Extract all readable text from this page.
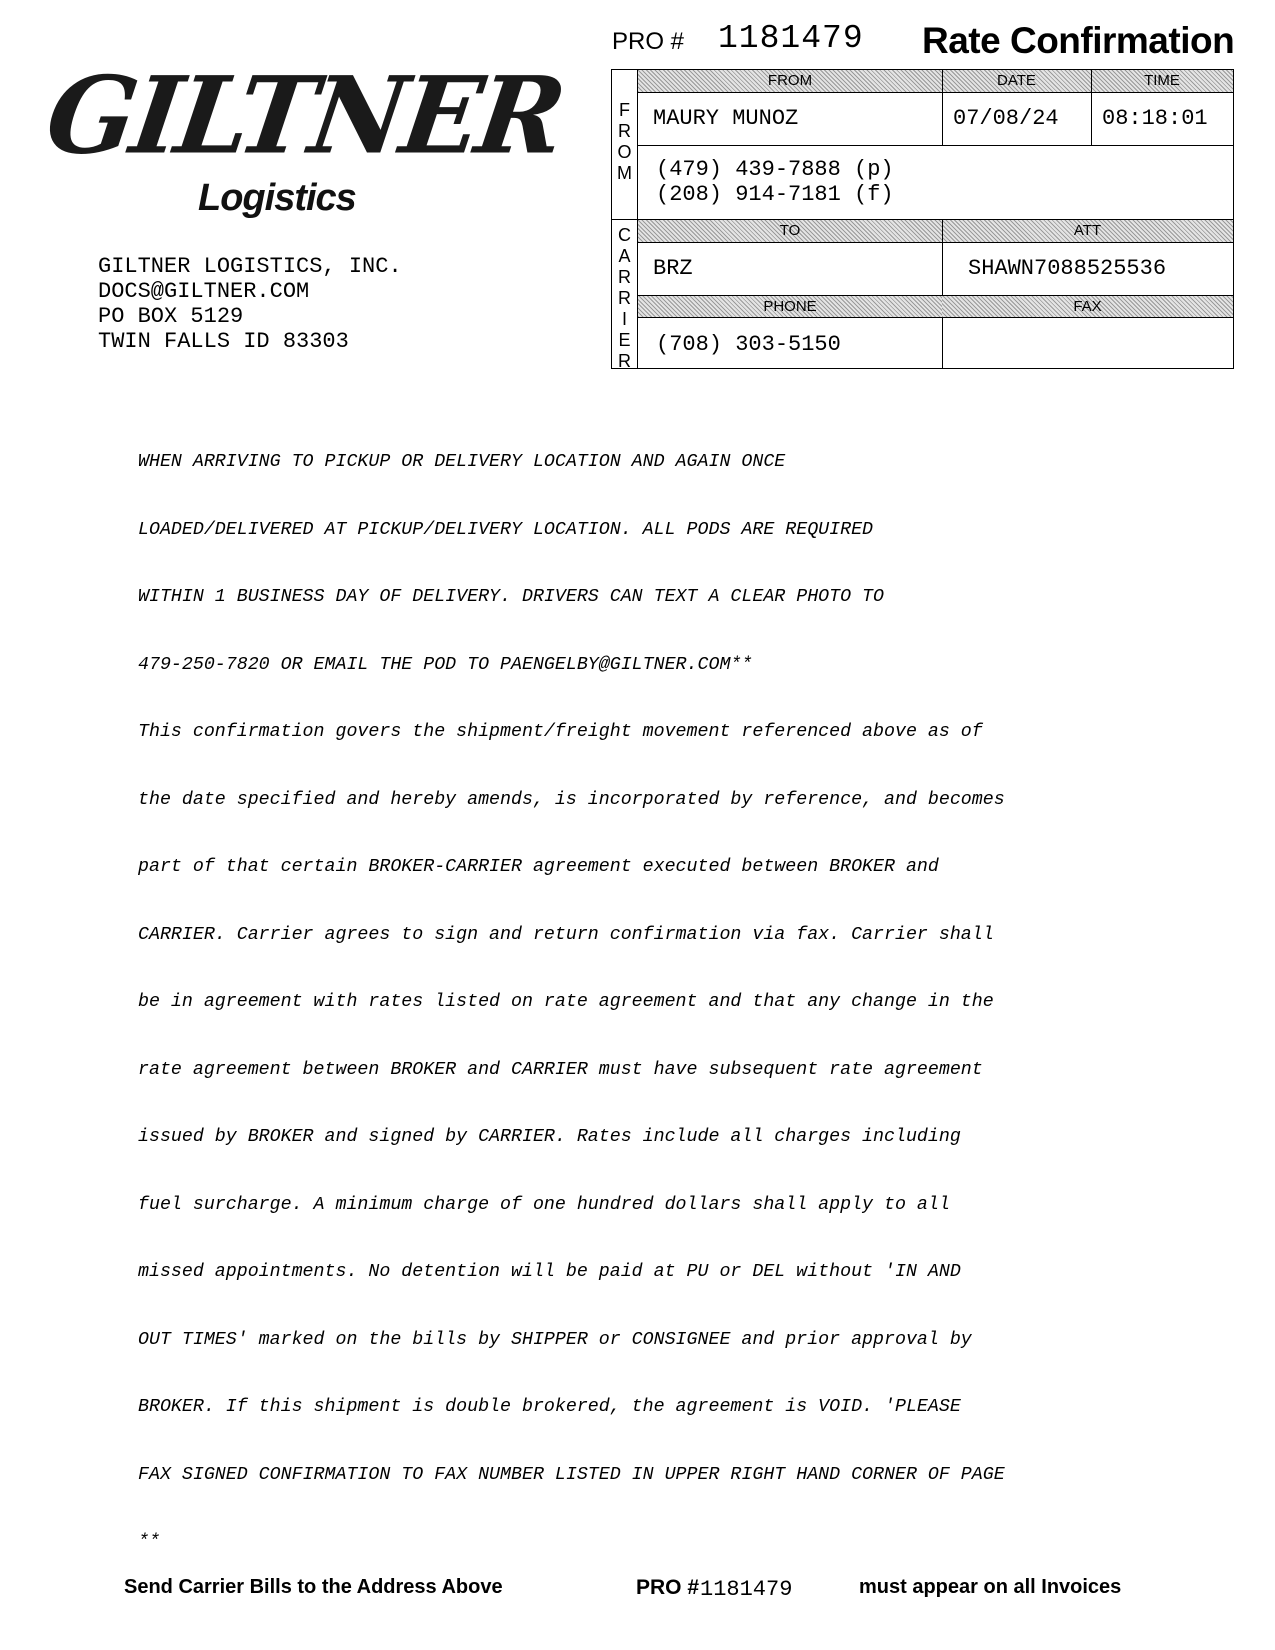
GILTNER
Logistics
GILTNER LOGISTICS, INC.
DOCS@GILTNER.COM
PO BOX 5129
TWIN FALLS ID 83303
PRO # 1181479 Rate Confirmation
F
R
O
M
FROM	DATE	TIME
MAURY MUNOZ	07/08/24 08:18:01
(479) 439-7888 (p)
(208) 914-7181 (f)
C
A
R
R
I
E
R
TO	ATT
BRZ	SHAWN7088525536
PHONE	FAX
(708) 303-5150

WHEN ARRIVING TO PICKUP OR DELIVERY LOCATION AND AGAIN ONCE

LOADED/DELIVERED AT PICKUP/DELIVERY LOCATION. ALL PODS ARE REQUIRED

WITHIN 1 BUSINESS DAY OF DELIVERY. DRIVERS CAN TEXT A CLEAR PHOTO TO

479-250-7820 OR EMAIL THE POD TO PAENGELBY@GILTNER.COM**

This confirmation govers the shipment/freight movement referenced above as of

the date specified and hereby amends, is incorporated by reference, and becomes

part of that certain BROKER-CARRIER agreement executed between BROKER and

CARRIER. Carrier agrees to sign and return confirmation via fax. Carrier shall

be in agreement with rates listed on rate agreement and that any change in the

rate agreement between BROKER and CARRIER must have subsequent rate agreement

issued by BROKER and signed by CARRIER. Rates include all charges including

fuel surcharge. A minimum charge of one hundred dollars shall apply to all

missed appointments. No detention will be paid at PU or DEL without 'IN AND

OUT TIMES' marked on the bills by SHIPPER or CONSIGNEE and prior approval by

BROKER. If this shipment is double brokered, the agreement is VOID. 'PLEASE

FAX SIGNED CONFIRMATION TO FAX NUMBER LISTED IN UPPER RIGHT HAND CORNER OF PAGE

**

Send Carrier Bills to the Address Above	PRO # 1181479	must appear on all Invoices
